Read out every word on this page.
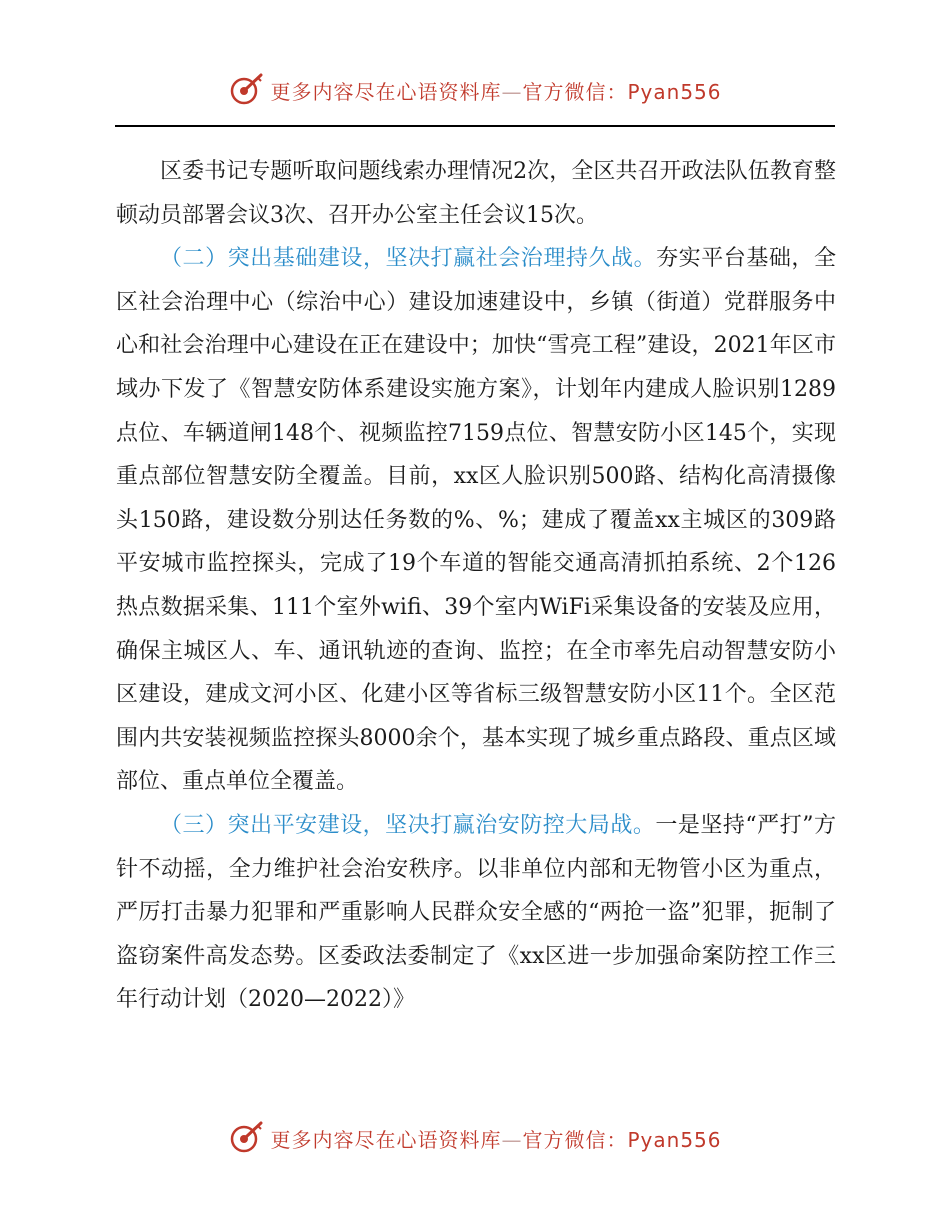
更多内容尽在心语资料库—官方微信：Pyan556

区委书记专题听取问题线索办理情况2次，全区共召开政法队伍教育整顿动员部署会议3次、召开办公室主任会议15次。

（二）突出基础建设，坚决打赢社会治理持久战。夯实平台基础，全区社会治理中心（综治中心）建设加速建设中，乡镇（街道）党群服务中心和社会治理中心建设在正在建设中；加快“雪亮工程”建设，2021年区市域办下发了《智慧安防体系建设实施方案》，计划年内建成人脸识别1289点位、车辆道闸148个、视频监控7159点位、智慧安防小区145个，实现重点部位智慧安防全覆盖。目前，xx区人脸识别500路、结构化高清摄像头150路，建设数分别达任务数的%、%；建成了覆盖xx主城区的309路平安城市监控探头，完成了19个车道的智能交通高清抓拍系统、2个126热点数据采集、111个室外wifi、39个室内WiFi采集设备的安装及应用，确保主城区人、车、通讯轨迹的查询、监控；在全市率先启动智慧安防小区建设，建成文河小区、化建小区等省标三级智慧安防小区11个。全区范围内共安装视频监控探头8000余个，基本实现了城乡重点路段、重点区域部位、重点单位全覆盖。

（三）突出平安建设，坚决打赢治安防控大局战。一是坚持“严打”方针不动摇，全力维护社会治安秩序。以非单位内部和无物管小区为重点，严厉打击暴力犯罪和严重影响人民群众安全感的“两抢一盗”犯罪，扼制了盗窃案件高发态势。区委政法委制定了《xx区进一步加强命案防控工作三年行动计划（2020—2022）》

更多内容尽在心语资料库—官方微信：Pyan556
